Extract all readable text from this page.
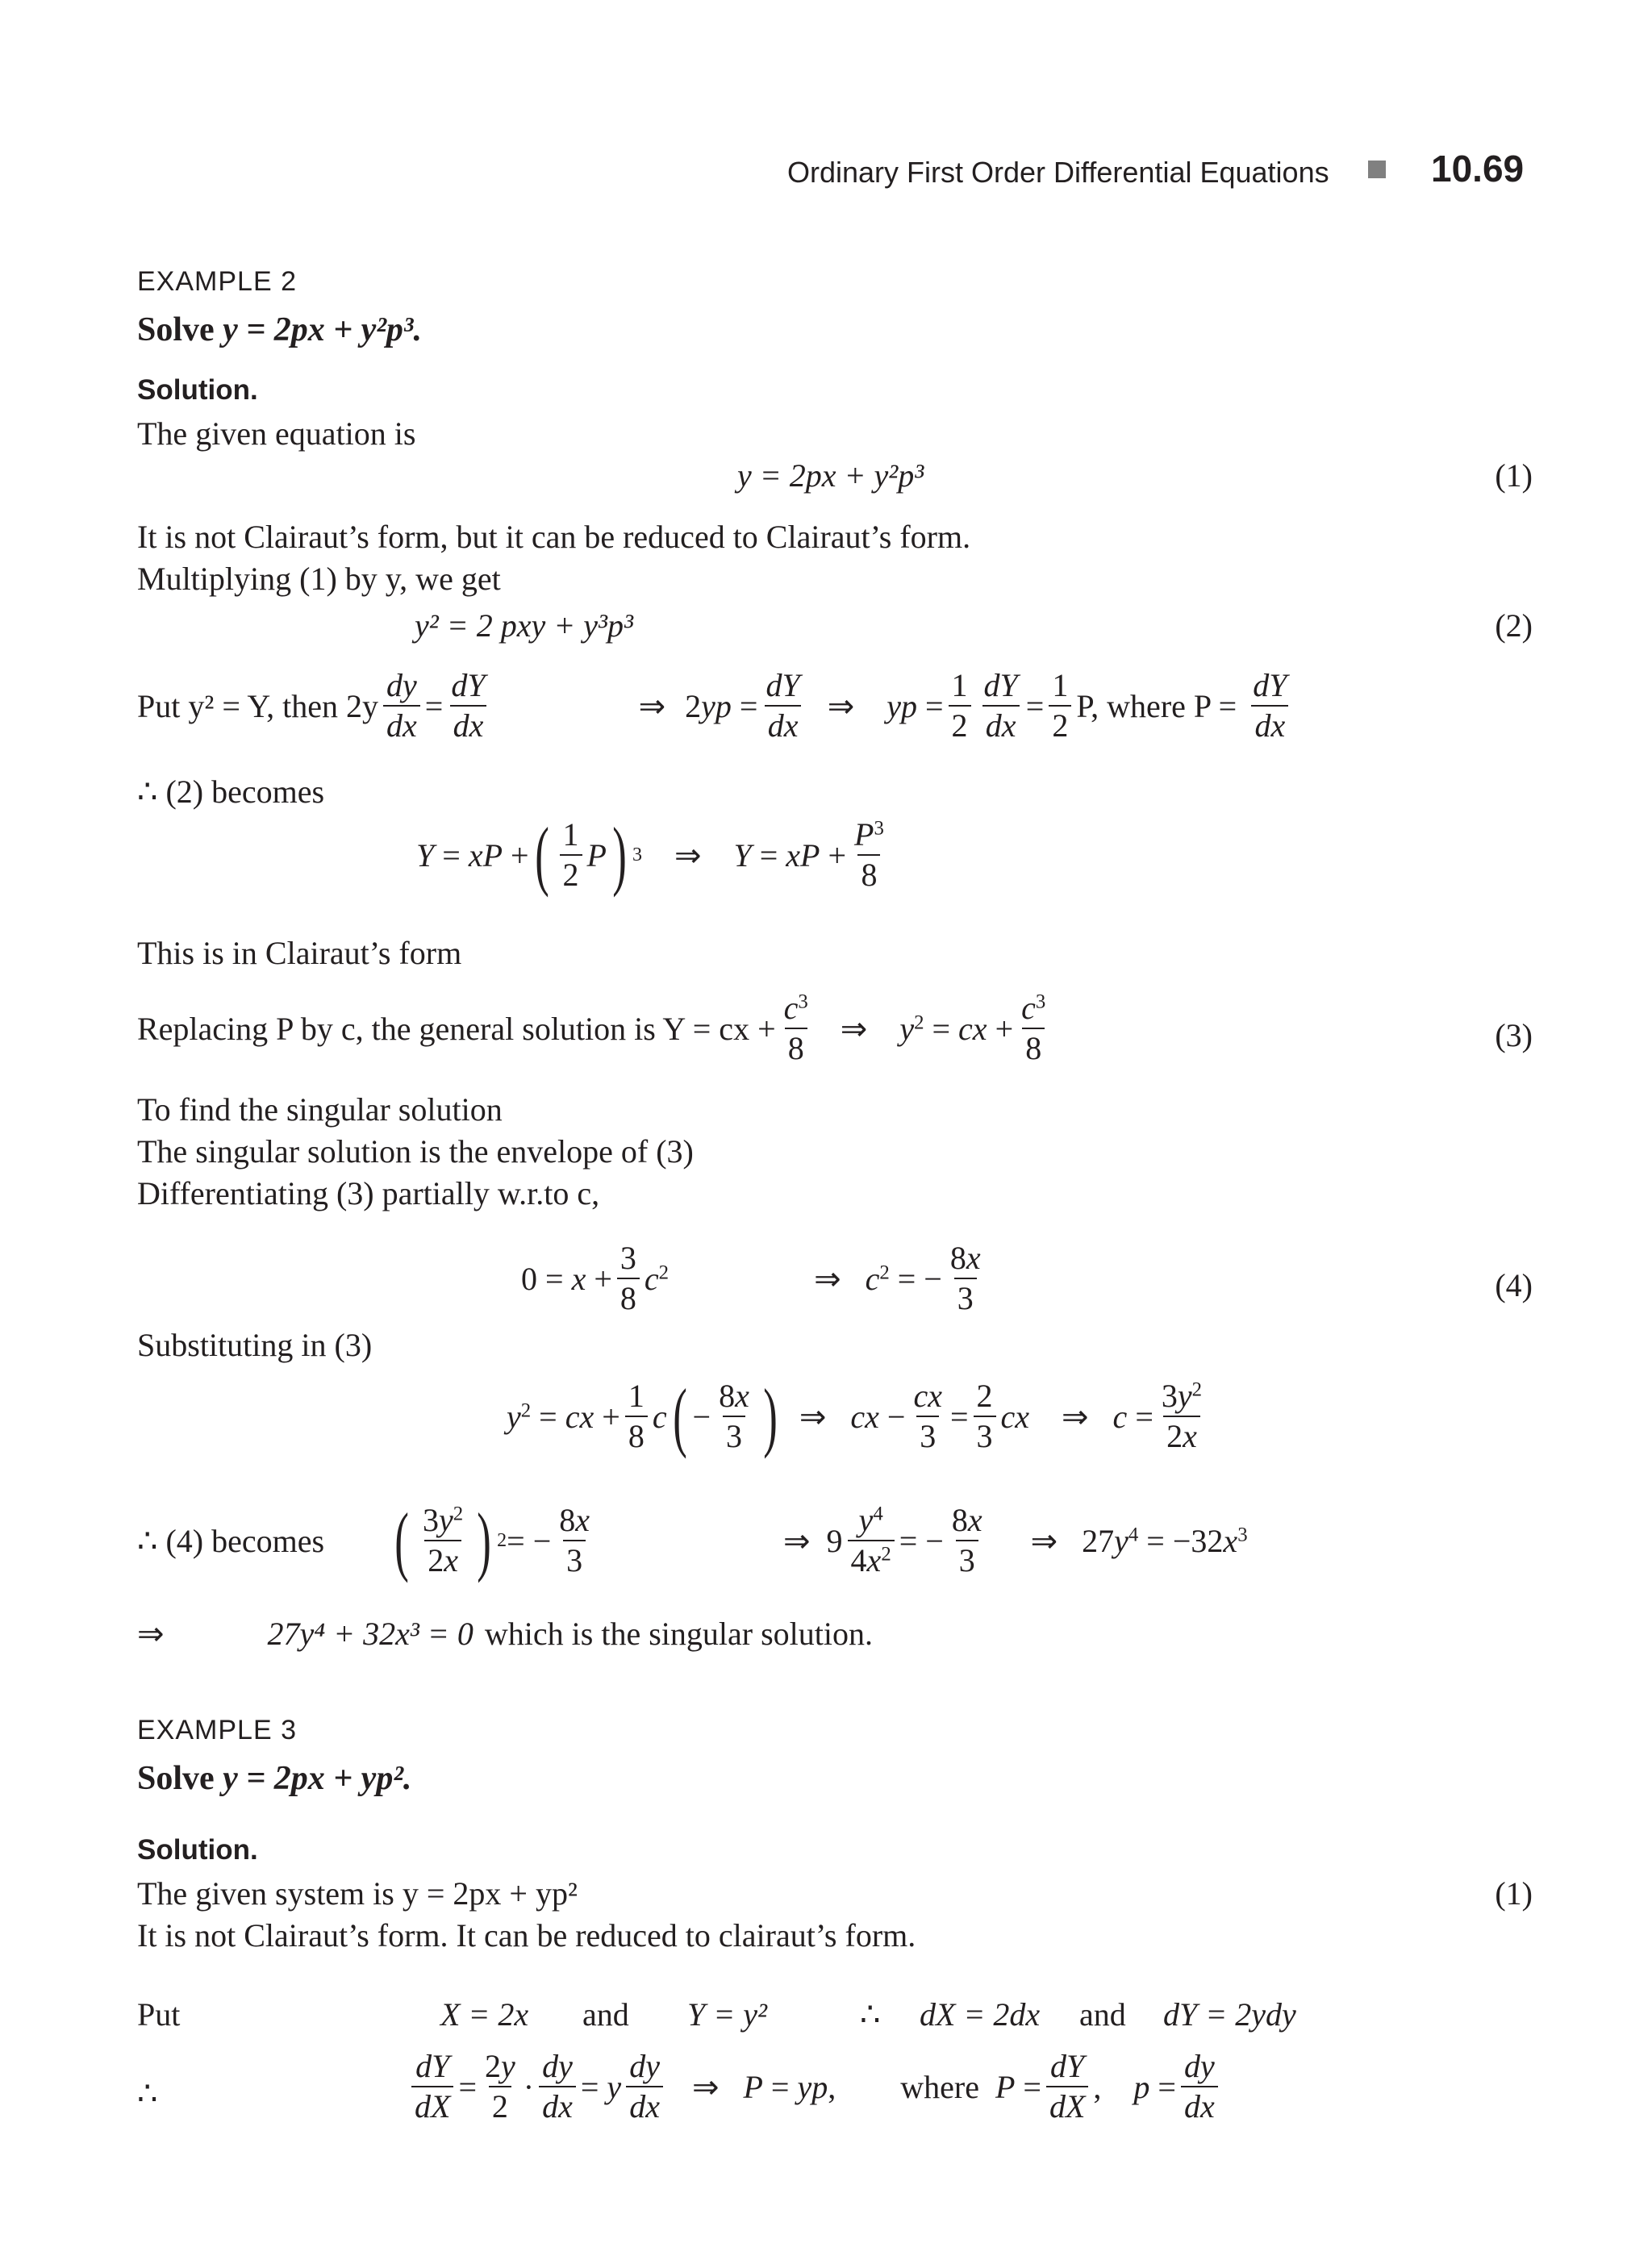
Ordinary First Order Differential Equations	10.69
EXAMPLE 2
Solve y = 2px + y²p³.
Solution.
The given equation is
y = 2px + y²p³	(1)
It is not Clairaut’s form, but it can be reduced to Clairaut’s form.
Multiplying (1) by y, we get
y² = 2 pxy + y³p³	(2)
Put y² = Y, then $2y \frac{dy}{dx} = \frac{dY}{dx}$	⇒ $2yp = \frac{dY}{dx}$ ⇒ yp = $\frac{1}{2} \frac{dY}{dx} = \frac{1}{2} P$, where $P = \frac{dY}{dx}$
∴ (2) becomes
Y = xP + ( $\frac{1}{2}$ P ) 3 ⇒ Y = xP + $\frac{P^3}{8}$
This is in Clairaut’s form
Replacing P by c, the general solution is Y = cx + $\frac{c^3}{8}$ ⇒ $y^2$ = cx + $\frac{c^3}{8}$	(3)
To find the singular solution
The singular solution is the envelope of (3)
Differentiating (3) partially w.r.to c,
$0 = x + \frac{3}{8} c^2$	⇒ $c^2$ = − $\frac{8x}{3}$	(4)
Substituting in (3)
$y^2$ = cx + $\frac{1}{8}$ c ( − $\frac{8x}{3}$ ) ⇒ cx − $\frac{cx}{3} = \frac{2}{3}$ cx ⇒ $c = \frac{3y^2}{2x}$
∴ (4) becomes ( $\frac{3y^2}{2x}$ ) 2 = − $\frac{8x}{3}$	⇒ $9 \frac{y^4}{4x^2}$ = − $\frac{8x}{3}$ ⇒ $27y^4 = -32x^3$
⇒	27y⁴ + 32x³ = 0 which is the singular solution.
EXAMPLE 3
Solve y = 2px + yp².
Solution.
The given system is y = 2px + yp²	(1)
It is not Clairaut’s form. It can be reduced to clairaut’s form.
Put	X = 2x and Y = y²	∴ dX = 2dx and dY = 2ydy
∴	$\frac{dY}{dX} = \frac{2y}{2} \cdot \frac{dy}{dx} = y \frac{dy}{dx}$ ⇒ P = yp, where $P = \frac{dY}{dX}$ , $p = \frac{dy}{dx}$
